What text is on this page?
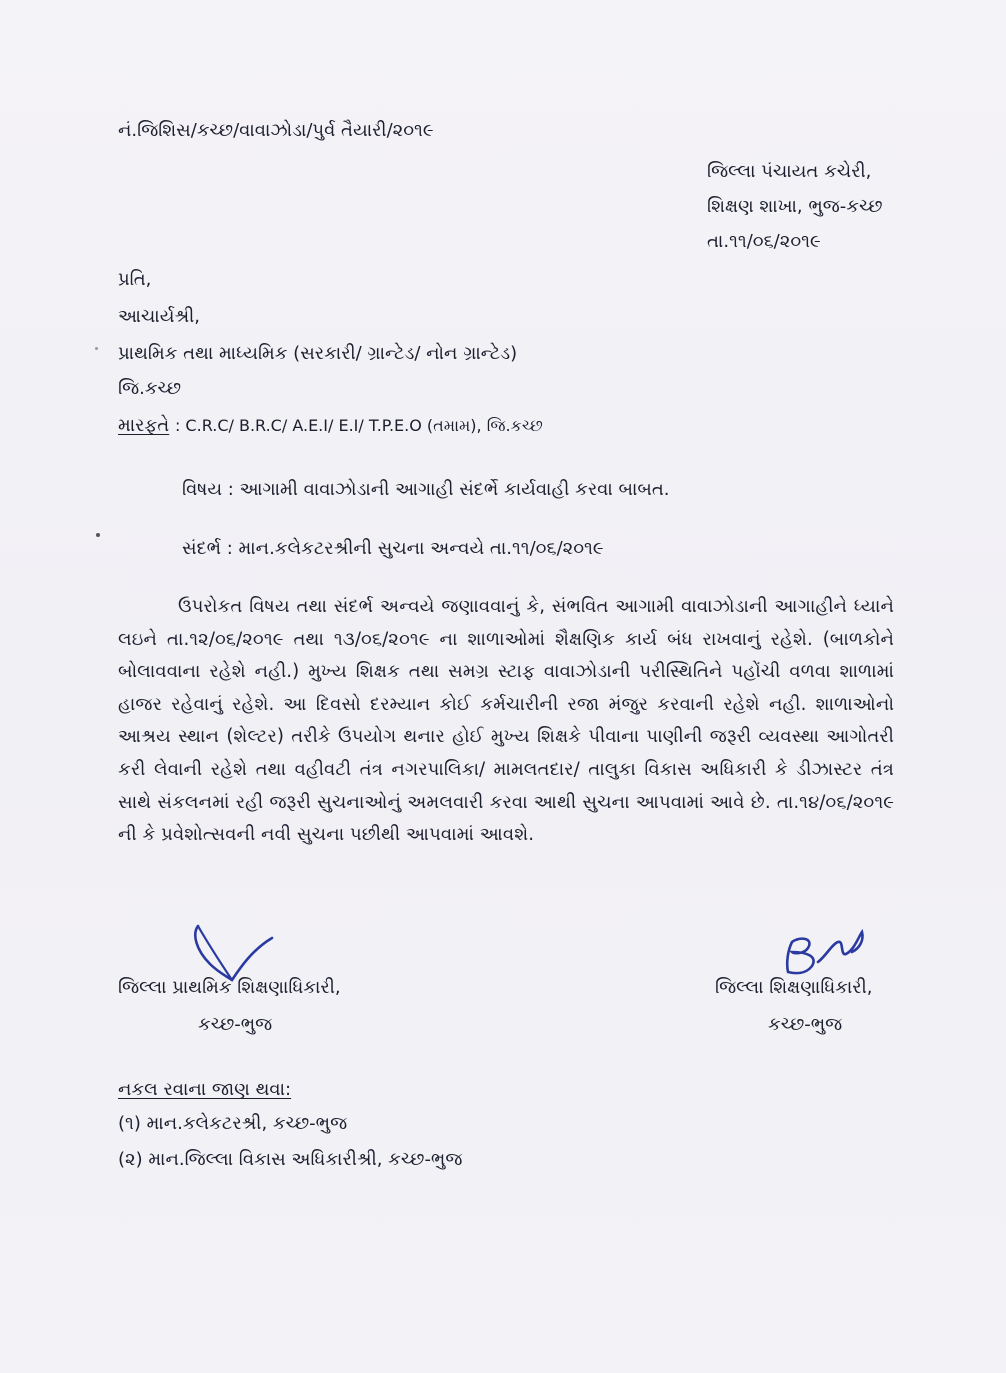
નં.જિશિસ/કચ્છ/વાવાઝોડા/પુર્વ તૈયારી/૨૦૧૯

જિલ્લા પંચાયત કચેરી,

શિક્ષણ શાખા, ભુજ-કચ્છ

તા.૧૧/૦૬/૨૦૧૯

પ્રતિ,

આચાર્યશ્રી,

પ્રાથમિક તથા માધ્યમિક (સરકારી/ ગ્રાન્ટેડ/ નોન ગ્રાન્ટેડ)

જિ.કચ્છ

મારફતે : C.R.C/ B.R.C/ A.E.I/ E.I/ T.P.E.O (તમામ), જિ.કચ્છ

વિષય : આગામી વાવાઝોડાની આગાહી સંદર્ભે કાર્યવાહી કરવા બાબત.

સંદર્ભ : માન.કલેકટરશ્રીની સુચના અન્વયે તા.૧૧/૦૬/૨૦૧૯

ઉપરોકત વિષય તથા સંદર્ભ અન્વયે જણાવવાનું કે, સંભવિત આગામી વાવાઝોડાની આગાહીને ધ્યાને લઇને તા.૧૨/૦૬/૨૦૧૯ તથા ૧૩/૦૬/૨૦૧૯ ના શાળાઓમાં શૈક્ષણિક કાર્ય બંધ રાખવાનું રહેશે. (બાળકોને બોલાવવાના રહેશે નહી.) મુખ્ય શિક્ષક તથા સમગ્ર સ્ટાફ વાવાઝોડાની પરીસ્થિતિને પહોંચી વળવા શાળામાં હાજર રહેવાનું રહેશે. આ દિવસો દરમ્યાન કોઈ કર્મચારીની રજા મંજુર કરવાની રહેશે નહી. શાળાઓનો આશ્રય સ્થાન (શેલ્ટર) તરીકે ઉપયોગ થનાર હોઈ મુખ્ય શિક્ષકે પીવાના પાણીની જરૂરી વ્યવસ્થા આગોતરી કરી લેવાની રહેશે તથા વહીવટી તંત્ર નગરપાલિકા/ મામલતદાર/ તાલુકા વિકાસ અધિકારી કે ડીઝાસ્ટર તંત્ર સાથે સંકલનમાં રહી જરૂરી સુચનાઓનું અમલવારી કરવા આથી સુચના આપવામાં આવે છે. તા.૧૪/૦૬/૨૦૧૯ ની કે પ્રવેશોત્સવની નવી સુચના પછીથી આપવામાં આવશે.

જિલ્લા પ્રાથમિક શિક્ષણાધિકારી,

કચ્છ-ભુજ

જિલ્લા શિક્ષણાધિકારી,

કચ્છ-ભુજ

નકલ રવાના જાણ થવા:

(૧) માન.કલેકટરશ્રી, કચ્છ-ભુજ

(૨) માન.જિલ્લા વિકાસ અધિકારીશ્રી, કચ્છ-ભુજ
